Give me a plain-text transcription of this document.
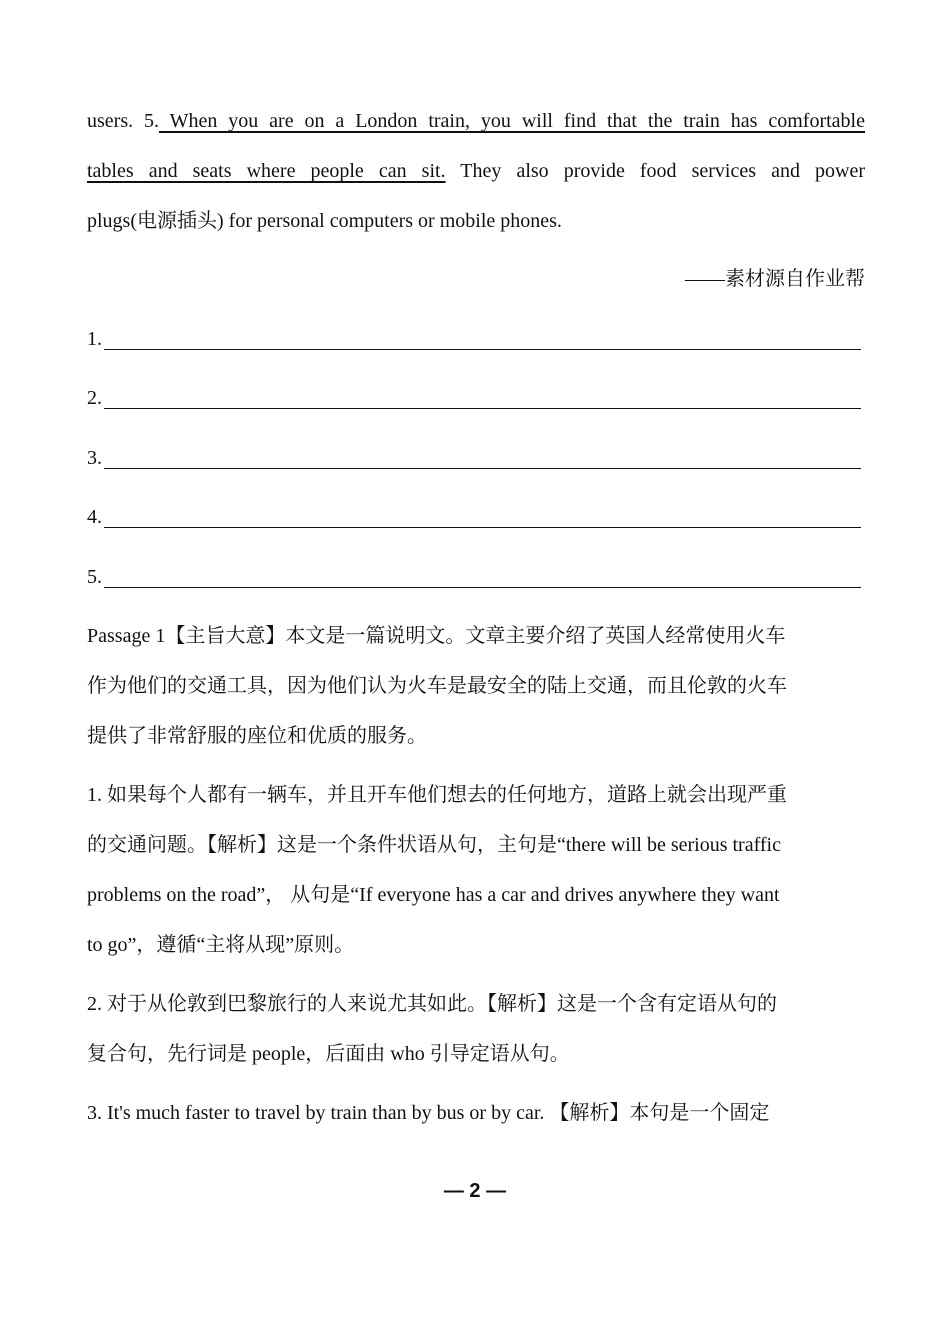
users. 5. When you are on a London train, you will find that the train has comfortable
tables and seats where people can sit. They also provide food services and power
plugs(电源插头) for personal computers or mobile phones.
——素材源自作业帮
1.
2.
3.
4.
5.
Passage 1【主旨大意】本文是一篇说明文。文章主要介绍了英国人经常使用火车
作为他们的交通工具，因为他们认为火车是最安全的陆上交通，而且伦敦的火车
提供了非常舒服的座位和优质的服务。
1. 如果每个人都有一辆车，并且开车他们想去的任何地方，道路上就会出现严重
的交通问题。【解析】这是一个条件状语从句，主句是“there will be serious traffic
problems on the road”， 从句是“If everyone has a car and drives anywhere they want
to go”，遵循“主将从现”原则。
2. 对于从伦敦到巴黎旅行的人来说尤其如此。【解析】这是一个含有定语从句的
复合句，先行词是 people，后面由 who 引导定语从句。
3. It's much faster to travel by train than by bus or by car. 【解析】本句是一个固定
— 2 —
